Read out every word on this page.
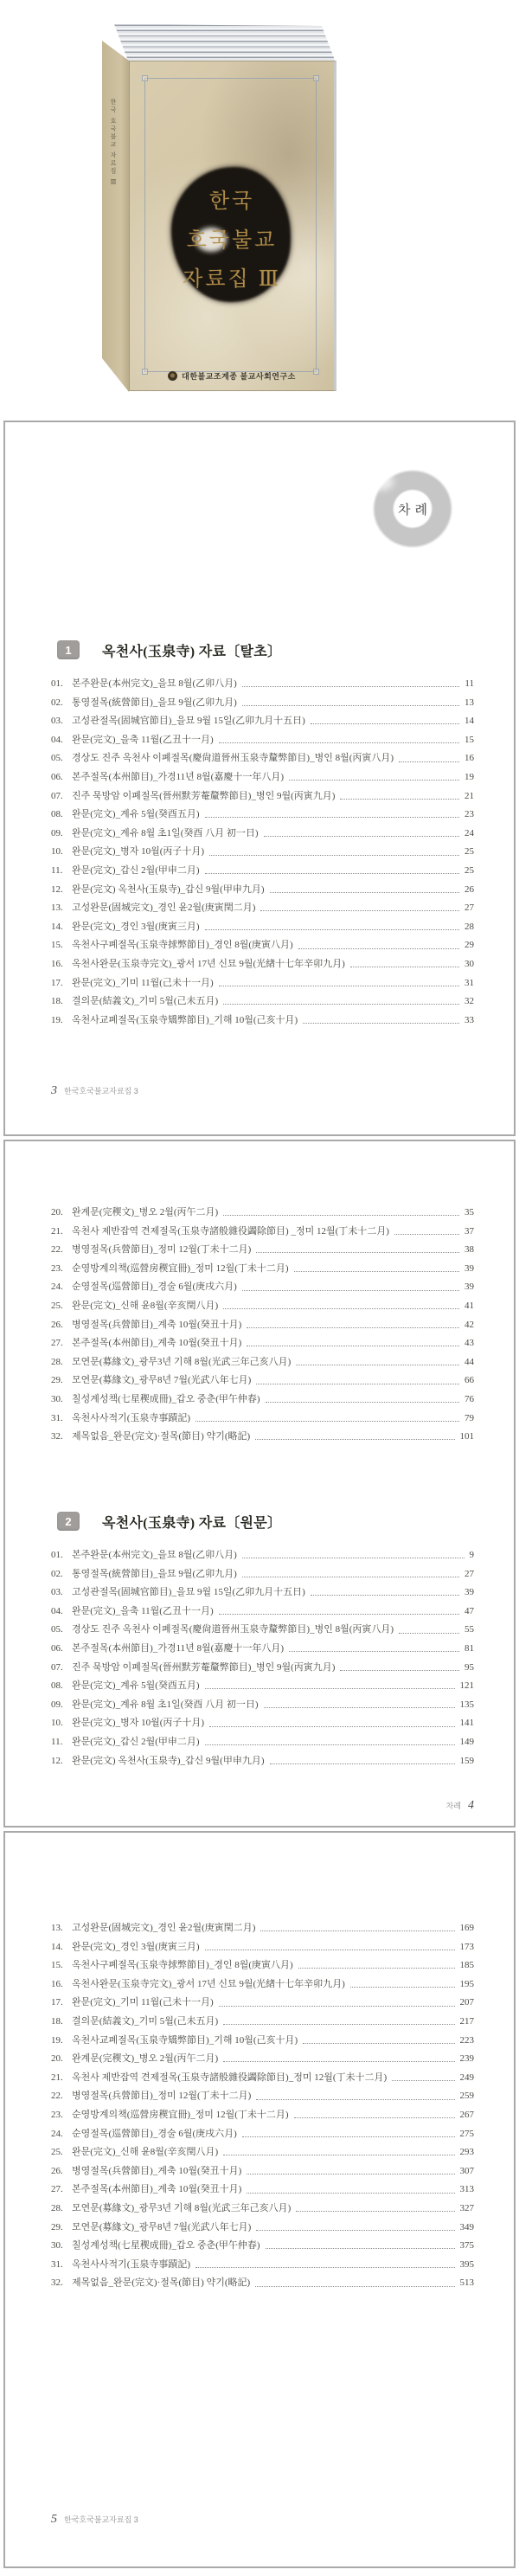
한국 호국불교 자료집 Ⅲ
한국
호국불교
자료집 Ⅲ
대한불교조계종 불교사회연구소
차례
1	옥천사(玉泉寺) 자료〔탈초〕
01. 본주완문(本州完文)_을묘 8월(乙卯八月)	11
02. 통영절목(統營節目)_을묘 9월(乙卯九月)	13
03. 고성관절목(固城官節目)_을묘 9월 15일(乙卯九月十五日)	14
04. 완문(完文)_을축 11월(乙丑十一月)	15
05. 경상도 진주 옥천사 이폐절목(慶尙道晉州玉泉寺釐弊節目)_병인 8월(丙寅八月)	16
06. 본주절목(本州節目)_가경11년 8월(嘉慶十一年八月)	19
07. 진주 묵방암 이폐절목(晉州默芳菴釐弊節目)_병인 9월(丙寅九月)	21
08. 완문(完文)_계유 5월(癸酉五月)	23
09. 완문(完文)_계유 8월 초1일(癸酉 八月 初一日)	24
10. 완문(完文)_병자 10월(丙子十月)	25
11. 완문(完文)_갑신 2월(甲申二月)	25
12. 완문(完文) 옥천사(玉泉寺)_갑신 9월(甲申九月)	26
13. 고성완문(固城完文)_경인 윤2월(庚寅閏二月)	27
14. 완문(完文)_경인 3월(庚寅三月)	28
15. 옥천사구폐절목(玉泉寺捄弊節目)_경인 8월(庚寅八月)	29
16. 옥천사완문(玉泉寺完文)_광서 17년 신묘 9월(光緖十七年辛卯九月)	30
17. 완문(完文)_기미 11월(己未十一月)	31
18. 결의문(結義文)_기미 5월(己未五月)	32
19. 옥천사교폐절목(玉泉寺矯弊節目)_기해 10월(己亥十月)	33
3 한국호국불교자료집 3
20. 완계문(完稧文)_병오 2월(丙午二月)	35
21. 옥천사 제반잡역 견제절목(玉泉寺諸般雜役蠲除節目) _정미 12월(丁未十二月)	37
22. 병영절목(兵營節目)_정미 12월(丁未十二月)	38
23. 순영방계의책(巡營房稧宜冊)_정미 12월(丁未十二月)	39
24. 순영절목(巡營節目)_경술 6월(庚戌六月)	39
25. 완문(完文)_신해 윤8월(辛亥閏八月)	41
26. 병영절목(兵營節目)_계축 10월(癸丑十月)	42
27. 본주절목(本州節目)_계축 10월(癸丑十月)	43
28. 모연문(募緣文)_광무3년 기해 8월(光武三年己亥八月)	44
29. 모연문(募緣文)_광무8년 7월(光武八年七月)	66
30. 칠성계성책(七星稧成冊)_갑오 중춘(甲午仲春)	76
31. 옥천사사적기(玉泉寺事蹟記)	79
32. 제목없음_완문(完文)·절목(節目) 약기(略記)	101
2	옥천사(玉泉寺) 자료〔원문〕
01. 본주완문(本州完文)_을묘 8월(乙卯八月)	9
02. 통영절목(統營節目)_을묘 9월(乙卯九月)	27
03. 고성관절목(固城官節目)_을묘 9월 15일(乙卯九月十五日)	39
04. 완문(完文)_을축 11월(乙丑十一月)	47
05. 경상도 진주 옥천사 이폐절목(慶尙道晉州玉泉寺釐弊節目)_병인 8월(丙寅八月)	55
06. 본주절목(本州節目)_가경11년 8월(嘉慶十一年八月)	81
07. 진주 묵방암 이폐절목(晉州默芳菴釐弊節目)_병인 9월(丙寅九月)	95
08. 완문(完文)_계유 5월(癸酉五月)	121
09. 완문(完文)_계유 8월 초1일(癸酉 八月 初一日)	135
10. 완문(完文)_병자 10월(丙子十月)	141
11. 완문(完文)_갑신 2월(甲申二月)	149
12. 완문(完文) 옥천사(玉泉寺)_갑신 9월(甲申九月)	159
차례 4
13. 고성완문(固城完文)_경인 윤2월(庚寅閏二月)	169
14. 완문(完文)_경인 3월(庚寅三月)	173
15. 옥천사구폐절목(玉泉寺捄弊節目)_경인 8월(庚寅八月)	185
16. 옥천사완문(玉泉寺完文)_광서 17년 신묘 9월(光緖十七年辛卯九月)	195
17. 완문(完文)_기미 11월(己未十一月)	207
18. 결의문(結義文)_기미 5월(己未五月)	217
19. 옥천사교폐절목(玉泉寺矯弊節目)_기해 10월(己亥十月)	223
20. 완계문(完稧文)_병오 2월(丙午二月)	239
21. 옥천사 제반잡역 견제절목(玉泉寺諸般雜役蠲除節目)_정미 12월(丁未十二月)	249
22. 병영절목(兵營節目)_정미 12월(丁未十二月)	259
23. 순영방계의책(巡營房稧宜冊)_정미 12월(丁未十二月)	267
24. 순영절목(巡營節目)_경술 6월(庚戌六月)	275
25. 완문(完文)_신해 윤8월(辛亥閏八月)	293
26. 병영절목(兵營節目)_계축 10월(癸丑十月)	307
27. 본주절목(本州節目)_계축 10월(癸丑十月)	313
28. 모연문(募緣文)_광무3년 기해 8월(光武三年己亥八月)	327
29. 모연문(募緣文)_광무8년 7월(光武八年七月)	349
30. 칠성계성책(七星稧成冊)_갑오 중춘(甲午仲春)	375
31. 옥천사사적기(玉泉寺事蹟記)	395
32. 제목없음_완문(完文)·절목(節目) 약기(略記)	513
5 한국호국불교자료집 3
